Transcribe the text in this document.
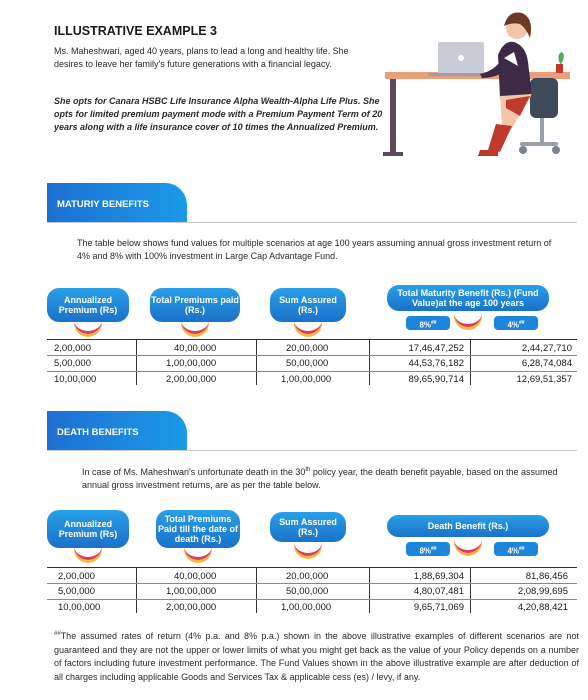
ILLUSTRATIVE EXAMPLE 3
Ms. Maheshwari, aged 40 years, plans to lead a long and healthy life. She desires to leave her family's future generations with a financial legacy.
She opts for Canara HSBC Life Insurance Alpha Wealth-Alpha Life Plus. She opts for limited premium payment mode with a Premium Payment Term of 20 years along with a life insurance cover of 10 times the Annualized Premium.
MATURIY BENEFITS
The table below shows fund values for multiple scenarios at age 100 years assuming annual gross investment return of 4% and 8% with 100% investment in Large Cap Advantage Fund.
Annualized Premium (Rs)
Total Premiums paid (Rs.)
Sum Assured (Rs.)
Total Maturity Benefit (Rs.) (Fund Value)at the age 100 years
8%##	4%##
2,00,000	40,00,000	20,00,000	17,46,47,252	2,44,27,710
5,00,000	1,00,00,000	50,00,000	44,53,76,182	6,28,74,084
10,00,000	2,00,00,000	1,00,00,000	89,65,90,714	12,69,51,357
DEATH BENEFITS
In case of Ms. Maheshwari's unfortunate death in the 30th policy year, the death benefit payable, based on the assumed annual gross investment returns, are as per the table below.
Annualized Premium (Rs)
Total Premiums Paid till the date of death (Rs.)
Sum Assured (Rs.)
Death Benefit (Rs.)
8%##	4%##
2,00,000	40,00,000	20,00,000	1,88,69,304	81,86,456
5,00,000	1,00,00,000	50,00,000	4,80,07,481	2,08,99,695
10,00,000	2,00,00,000	1,00,00,000	9,65,71,069	4,20,88,421
##The assumed rates of return (4% p.a. and 8% p.a.) shown in the above illustrative examples of different scenarios are not guaranteed and they are not the upper or lower limits of what you might get back as the value of your Policy depends on a number of factors including future investment performance. The Fund Values shown in the above illustrative example are after deduction of all charges including applicable Goods and Services Tax & applicable cess (es) / levy, if any.
